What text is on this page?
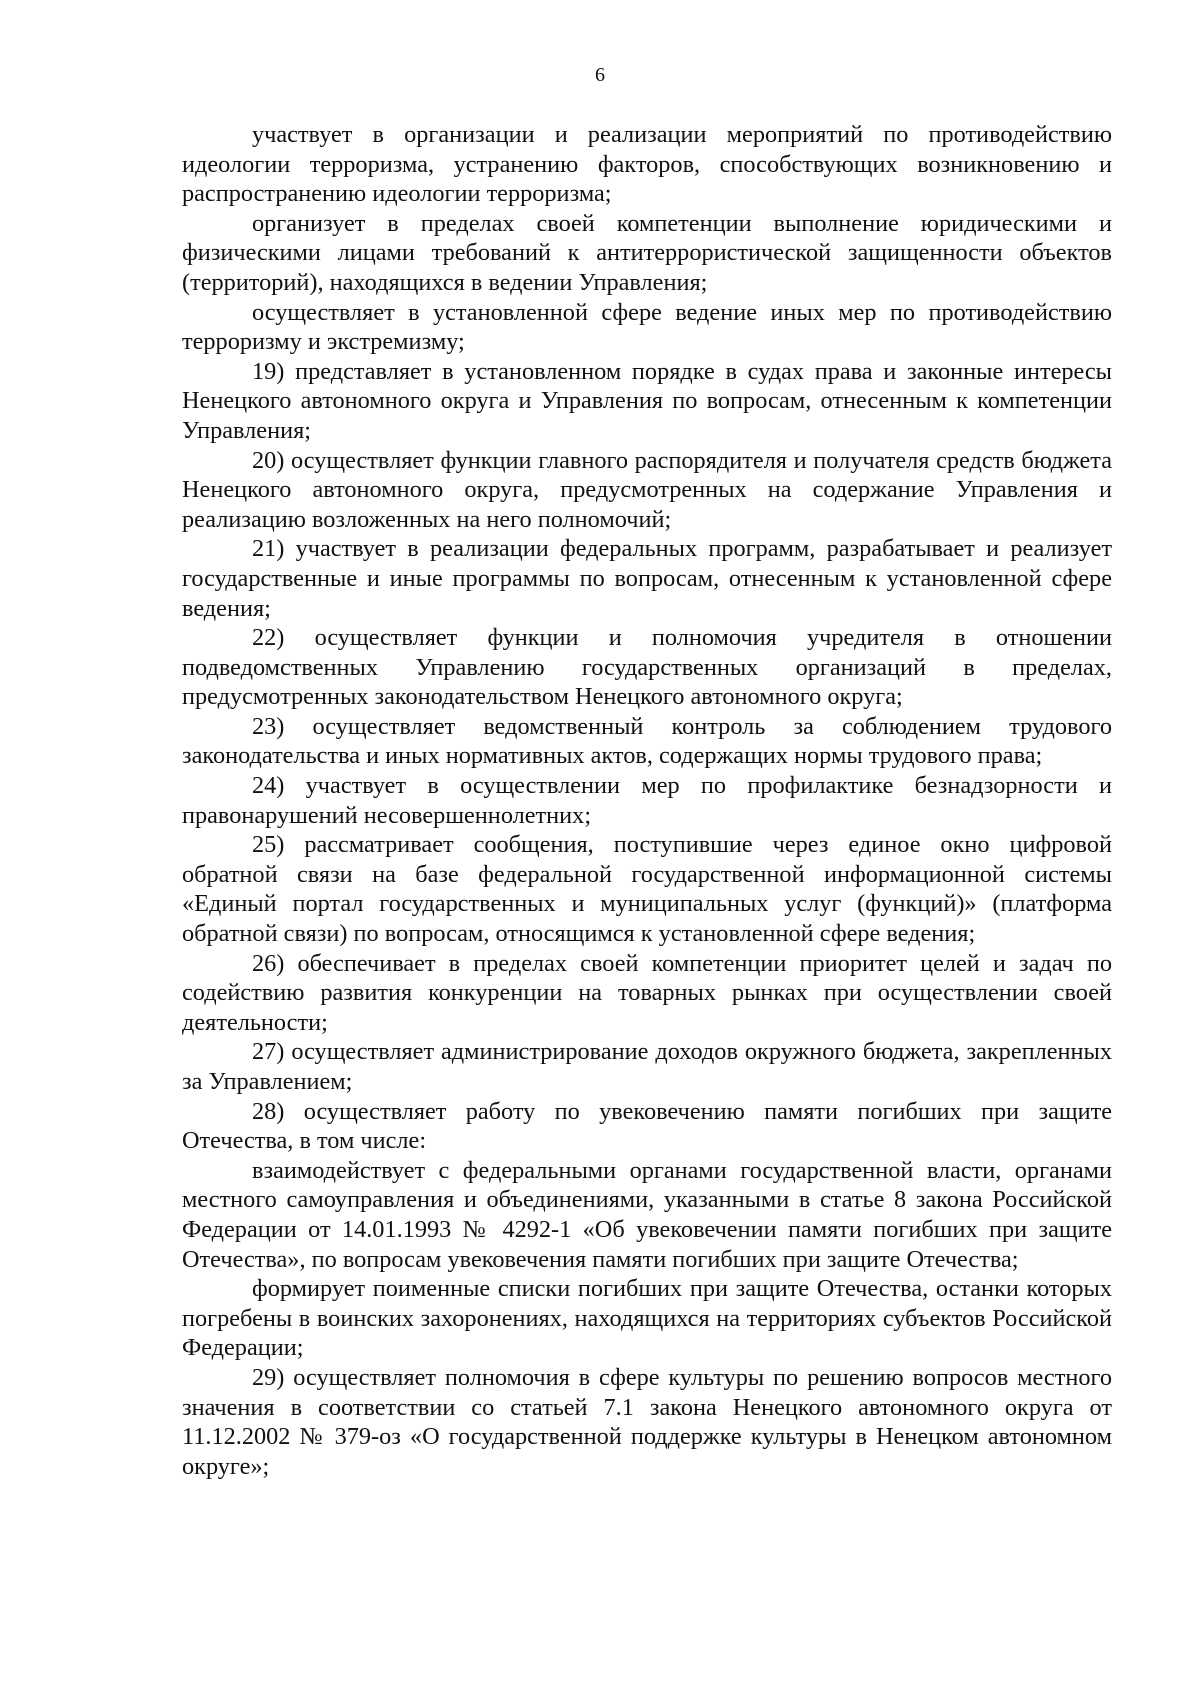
6

участвует в организации и реализации мероприятий по противодействию идеологии терроризма, устранению факторов, способствующих возникновению и распространению идеологии терроризма;

организует в пределах своей компетенции выполнение юридическими и физическими лицами требований к антитеррористической защищенности объектов (территорий), находящихся в ведении Управления;

осуществляет в установленной сфере ведение иных мер по противодействию терроризму и экстремизму;

19) представляет в установленном порядке в судах права и законные интересы Ненецкого автономного округа и Управления по вопросам, отнесенным к компетенции Управления;

20) осуществляет функции главного распорядителя и получателя средств бюджета Ненецкого автономного округа, предусмотренных на содержание Управления и реализацию возложенных на него полномочий;

21) участвует в реализации федеральных программ, разрабатывает и реализует государственные и иные программы по вопросам, отнесенным к установленной сфере ведения;

22) осуществляет функции и полномочия учредителя в отношении подведомственных Управлению государственных организаций в пределах, предусмотренных законодательством Ненецкого автономного округа;

23) осуществляет ведомственный контроль за соблюдением трудового законодательства и иных нормативных актов, содержащих нормы трудового права;

24) участвует в осуществлении мер по профилактике безнадзорности и правонарушений несовершеннолетних;

25) рассматривает сообщения, поступившие через единое окно цифровой обратной связи на базе федеральной государственной информационной системы «Единый портал государственных и муниципальных услуг (функций)» (платформа обратной связи) по вопросам, относящимся к установленной сфере ведения;

26) обеспечивает в пределах своей компетенции приоритет целей и задач по содействию развития конкуренции на товарных рынках при осуществлении своей деятельности;

27) осуществляет администрирование доходов окружного бюджета, закрепленных за Управлением;

28) осуществляет работу по увековечению памяти погибших при защите Отечества, в том числе:

взаимодействует с федеральными органами государственной власти, органами местного самоуправления и объединениями, указанными в статье 8 закона Российской Федерации от 14.01.1993 № 4292-1 «Об увековечении памяти погибших при защите Отечества», по вопросам увековечения памяти погибших при защите Отечества;

формирует поименные списки погибших при защите Отечества, останки которых погребены в воинских захоронениях, находящихся на территориях субъектов Российской Федерации;

29) осуществляет полномочия в сфере культуры по решению вопросов местного значения в соответствии со статьей 7.1 закона Ненецкого автономного округа от 11.12.2002 № 379-оз «О государственной поддержке культуры в Ненецком автономном округе»;
